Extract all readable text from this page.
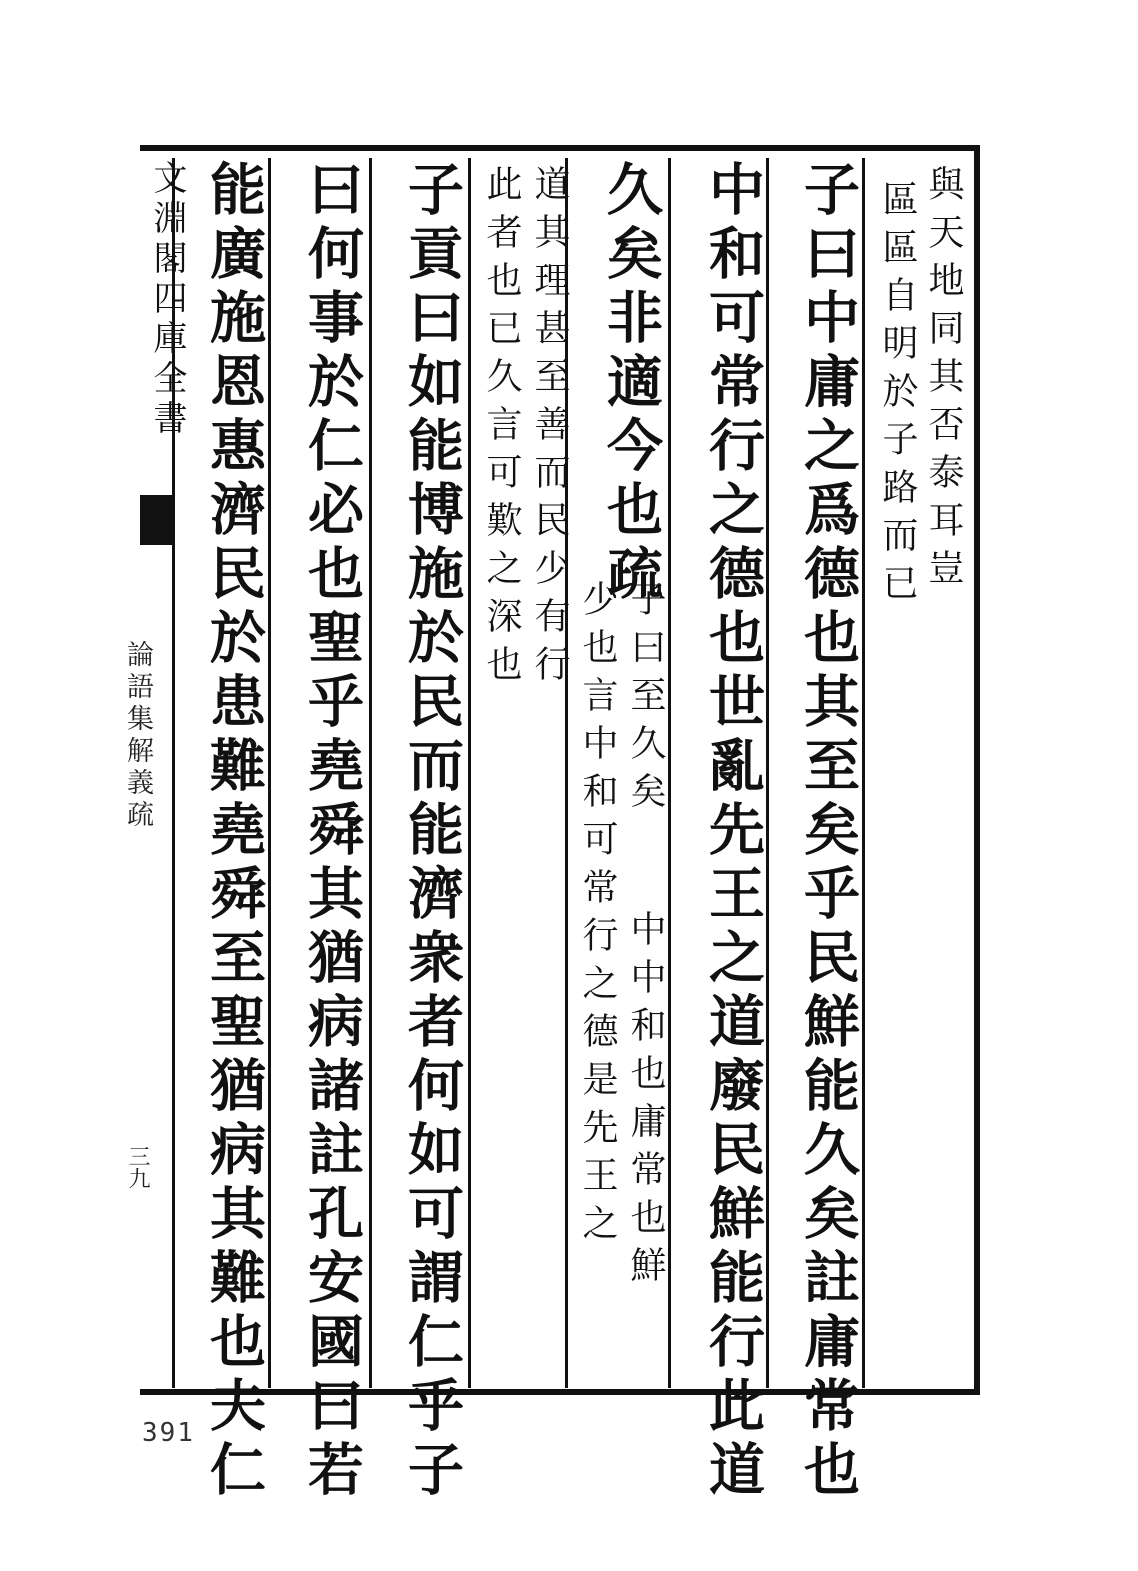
文淵閣四庫全書	與天地同其否泰耳豈
區區自明於子路而已
子曰中庸之爲德也其至矣乎民鮮能久矣註庸常也
中和可常行之德也世亂先王之道廢民鮮能行此道
久矣非適今也疏
子曰至久矣
中中和也庸常也鮮
少也言中和可常行之德是先王之
道其理甚至善而民少有行
此者也已久言可歎之深也
子貢曰如能博施於民而能濟衆者何如可謂仁乎子
曰何事於仁必也聖乎堯舜其猶病諸註孔安國曰若
能廣施恩惠濟民於患難堯舜至聖猶病其難也夫仁
論語集解義疏
三九
391
